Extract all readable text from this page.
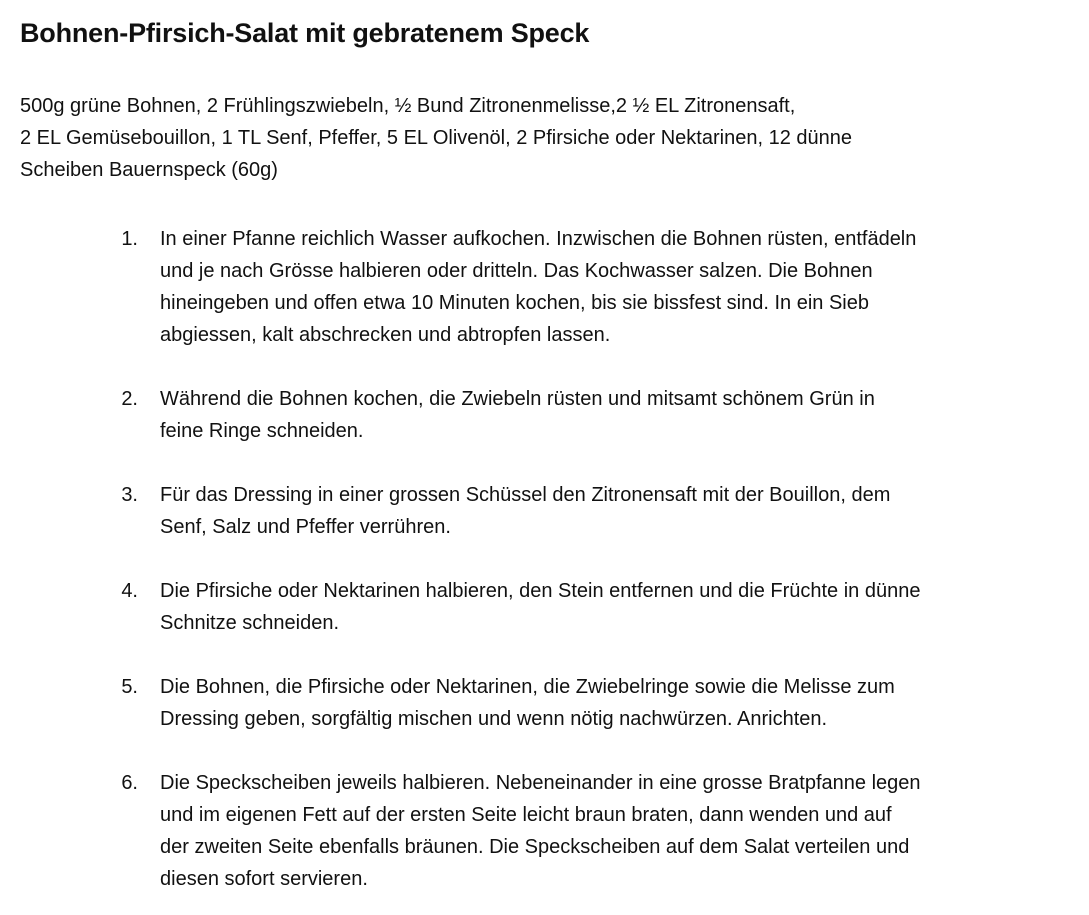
Bohnen-Pfirsich-Salat mit gebratenem Speck

500g grüne Bohnen, 2 Frühlingszwiebeln, ½ Bund Zitronenmelisse,2 ½ EL Zitronensaft,
2 EL Gemüsebouillon, 1 TL Senf, Pfeffer, 5 EL Olivenöl, 2 Pfirsiche oder Nektarinen, 12 dünne
Scheiben Bauernspeck (60g)

1. In einer Pfanne reichlich Wasser aufkochen. Inzwischen die Bohnen rüsten, entfädeln
und je nach Grösse halbieren oder dritteln. Das Kochwasser salzen. Die Bohnen
hineingeben und offen etwa 10 Minuten kochen, bis sie bissfest sind. In ein Sieb
abgiessen, kalt abschrecken und abtropfen lassen.
2. Während die Bohnen kochen, die Zwiebeln rüsten und mitsamt schönem Grün in
feine Ringe schneiden.
3. Für das Dressing in einer grossen Schüssel den Zitronensaft mit der Bouillon, dem
Senf, Salz und Pfeffer verrühren.
4. Die Pfirsiche oder Nektarinen halbieren, den Stein entfernen und die Früchte in dünne
Schnitze schneiden.
5. Die Bohnen, die Pfirsiche oder Nektarinen, die Zwiebelringe sowie die Melisse zum
Dressing geben, sorgfältig mischen und wenn nötig nachwürzen. Anrichten.
6. Die Speckscheiben jeweils halbieren. Nebeneinander in eine grosse Bratpfanne legen
und im eigenen Fett auf der ersten Seite leicht braun braten, dann wenden und auf
der zweiten Seite ebenfalls bräunen. Die Speckscheiben auf dem Salat verteilen und
diesen sofort servieren.
